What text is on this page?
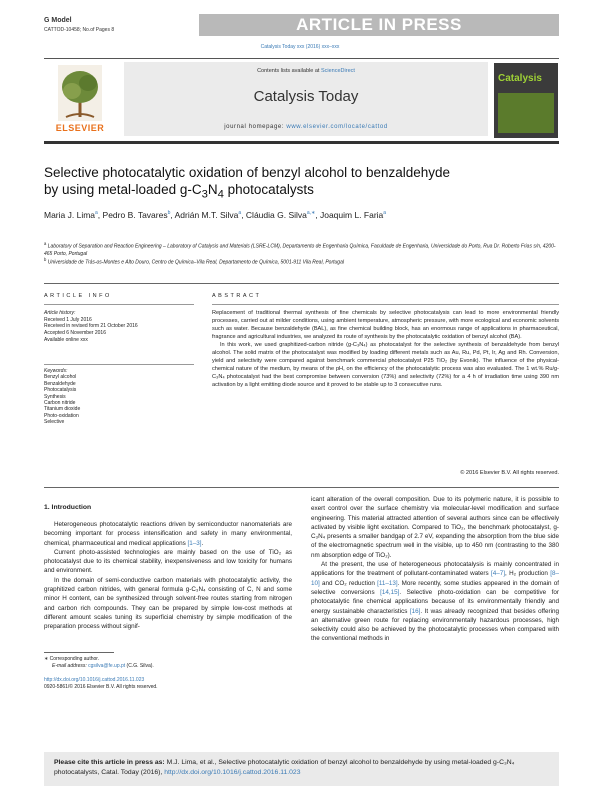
G Model
CATTOD-10458; No.of Pages 8	ARTICLE IN PRESS
Catalysis Today xxx (2016) xxx–xxx
ELSEVIER
Contents lists available at ScienceDirect
Catalysis Today
journal homepage: www.elsevier.com/locate/cattod
Catalysis
Selective photocatalytic oxidation of benzyl alcohol to benzaldehyde
by using metal-loaded $g-C_3N_4$ photocatalysts
Maria J. Lima$^a$, Pedro B. Tavares$^b$, Adrián M.T. Silva$^a$, Cláudia G. Silva$^{a,∗}$, Joaquim L. Faria$^a$
$^a$ Laboratory of Separation and Reaction Engineering – Laboratory of Catalysis and Materials (LSRE-LCM), Departamento de Engenharia Química, Faculdade de Engenharia, Universidade do Porto, Rua Dr. Roberto Frias s/n, 4200-465 Porto, Portugal
$^b$ Universidade de Trás-os-Montes e Alto Douro, Centro de Química–Vila Real, Departamento de Química, 5001-911 Vila Real, Portugal
ARTICLE INFO
Article history:
Received 1 July 2016
Received in revised form 21 October 2016
Accepted 6 November 2016
Available online xxx
Keywords:
Benzyl alcohol
Benzaldehyde
Photocatalysis
Synthesis
Carbon nitride
Titanium dioxide
Photo-oxidation
Selective
ABSTRACT

Replacement of traditional thermal synthesis of fine chemicals by selective photocatalysis can lead to more environmental friendly processes, carried out at milder conditions, using ambient temperature, atmospheric pressure, with more ecological and economic solvents such as water. Because benzaldehyde (BAL), as fine chemical building block, has an enormous range of applications in pharmaceutical, fragrance and agricultural industries, we analyzed its route of synthesis by the photocatalytic oxidation of benzyl alcohol (BA).

In this work, we used graphitized-carbon nitride (g-C₃N₄) as photocatalyst for the selective synthesis of benzaldehyde from benzyl alcohol. The solid matrix of the photocatalyst was modified by loading different metals such as Au, Ru, Pd, Pt, Ir, Ag and Rh. Conversion, yield and selectivity were compared against benchmark commercial photocatalyst P25 TiO₂ (by Evonik). The influence of the physical-chemical nature of the medium, by means of the pH, on the efficiency of the photocatalytic process was also evaluated. The 1 wt.% Ru/g-C₃N₄ photocatalyst had the best compromise between conversion (73%) and selectivity (72%) for a 4 h of irradiation time using 390 nm activation by a light emitting diode source and it proved to be stable up to 3 consecutive runs.

© 2016 Elsevier B.V. All rights reserved.
1. Introduction

Heterogeneous photocatalytic reactions driven by semiconductor nanomaterials are becoming important for process intensification and safety in many environmental, chemical, pharmaceutical and medical applications [1–3].

Current photo-assisted technologies are mainly based on the use of TiO₂ as photocatalyst due to its chemical stability, inexpensiveness and low toxicity for humans and environment.

In the domain of semi-conductive carbon materials with photocatalytic activity, the graphitized carbon nitrides, with general formula g-C₃N₄ consisting of C, N and some minor H content, can be synthesized through solvent-free routes starting from nitrogen and carbon rich compounds. They can be prepared by simple low-cost methods at different amount scales tuning its superficial chemistry by simple modification of the preparation process without signif-

∗ Corresponding author.
E-mail address: cgsilva@fe.up.pt (C.G. Silva).
http://dx.doi.org/10.1016/j.cattod.2016.11.023
0920-5861/© 2016 Elsevier B.V. All rights reserved.

icant alteration of the overall composition. Due to its polymeric nature, it is possible to exert control over the surface chemistry via molecular-level modification and surface engineering. This material attracted attention of several authors since can be effectively activated by visible light excitation. Compared to TiO₂, the benchmark photocatalyst, g-C₃N₄ presents a smaller bandgap of 2.7 eV, expanding the absorption from the blue side of the electromagnetic spectrum well in the visible, up to 450 nm (contrasting to the 380 nm absorption edge of TiO₂).

At the present, the use of heterogeneous photocatalysis is mainly concentrated in applications for the treatment of pollutant-contaminated waters [4–7], H₂ production [8–10] and CO₂ reduction [11–13]. More recently, some studies appeared in the domain of selective conversions [14,15]. Selective photo-oxidation can be competitive for photocatalytic fine chemical applications because of its environmentally friendly and energy sustainable characteristics [16]. It was already recognized that besides offering an alternative green route for replacing environmentally hazardous processes, high selectivity could also be achieved by the photocatalytic processes when compared with the conventional methods in

Please cite this article in press as: M.J. Lima, et al., Selective photocatalytic oxidation of benzyl alcohol to benzaldehyde by using metal-loaded g-C₃N₄ photocatalysts, Catal. Today (2016), http://dx.doi.org/10.1016/j.cattod.2016.11.023
